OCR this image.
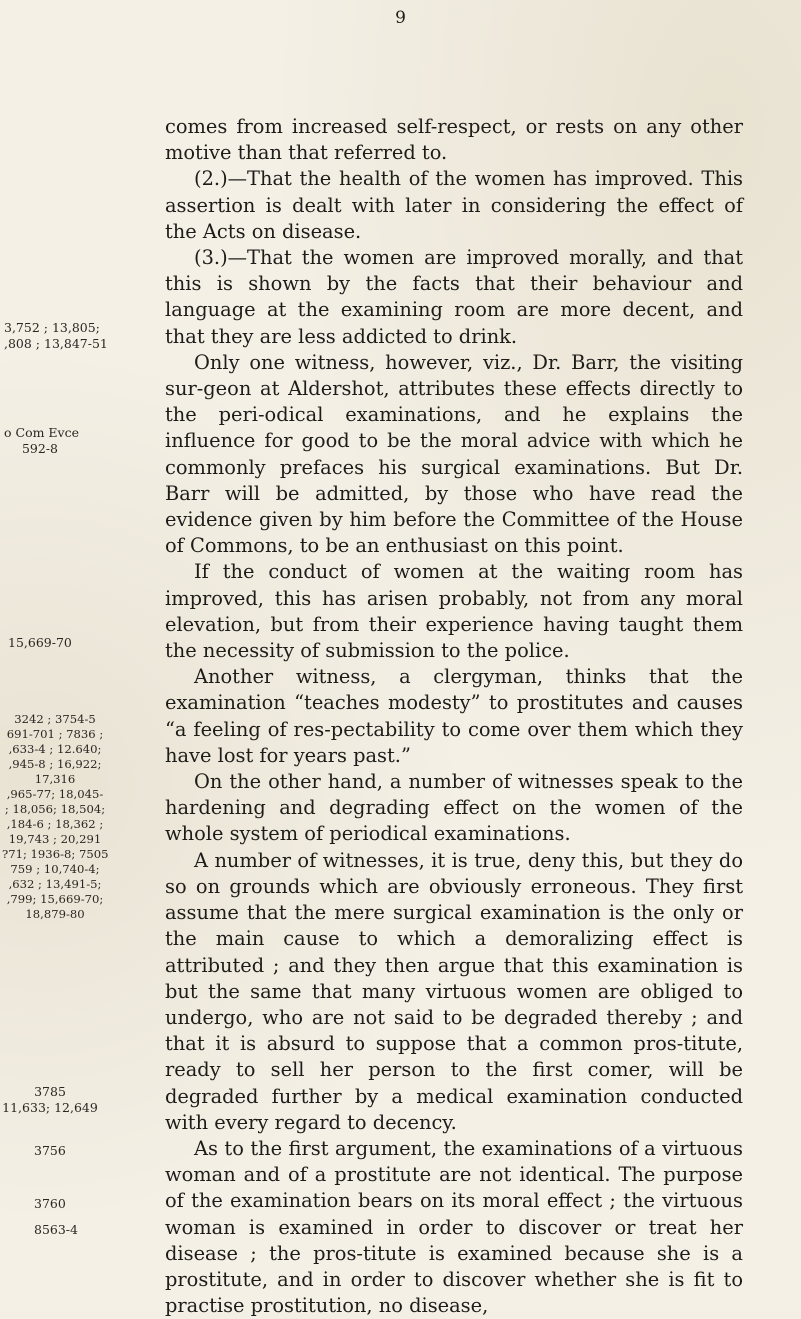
9

comes from increased self-respect, or rests on any other motive than that referred to.

(2.)—That the health of the women has improved. This assertion is dealt with later in considering the effect of the Acts on disease.

(3.)—That the women are improved morally, and that this is shown by the facts that their behaviour and language at the examining room are more decent, and that they are less addicted to drink.

Only one witness, however, viz., Dr. Barr, the visiting sur-geon at Aldershot, attributes these effects directly to the peri-odical examinations, and he explains the influence for good to be the moral advice with which he commonly prefaces his surgical examinations. But Dr. Barr will be admitted, by those who have read the evidence given by him before the Committee of the House of Commons, to be an enthusiast on this point.

If the conduct of women at the waiting room has improved, this has arisen probably, not from any moral elevation, but from their experience having taught them the necessity of submission to the police.

Another witness, a clergyman, thinks that the examination “teaches modesty” to prostitutes and causes “a feeling of res-pectability to come over them which they have lost for years past.”

On the other hand, a number of witnesses speak to the hardening and degrading effect on the women of the whole system of periodical examinations.

A number of witnesses, it is true, deny this, but they do so on grounds which are obviously erroneous. They first assume that the mere surgical examination is the only or the main cause to which a demoralizing effect is attributed ; and they then argue that this examination is but the same that many virtuous women are obliged to undergo, who are not said to be degraded thereby ; and that it is absurd to suppose that a common pros-titute, ready to sell her person to the first comer, will be degraded further by a medical examination conducted with every regard to decency.

As to the first argument, the examinations of a virtuous woman and of a prostitute are not identical. The purpose of the examination bears on its moral effect ; the virtuous woman is examined in order to discover or treat her disease ; the pros-titute is examined because she is a prostitute, and in order to discover whether she is fit to practise prostitution, no disease,

3,752 ; 13,805;
,808 ; 13,847-51
o Com Evce
592-8
15,669-70
3242 ; 3754-5
691-701 ; 7836 ;
,633-4 ; 12.640;
,945-8 ; 16,922;
17,316
,965-77; 18,045-
; 18,056; 18,504;
,184-6 ; 18,362 ;
19,743 ; 20,291
?71; 1936-8; 7505
759 ; 10,740-4;
,632 ; 13,491-5;
,799; 15,669-70;
18,879-80
3785
11,633; 12,649
3756
3760
8563-4
